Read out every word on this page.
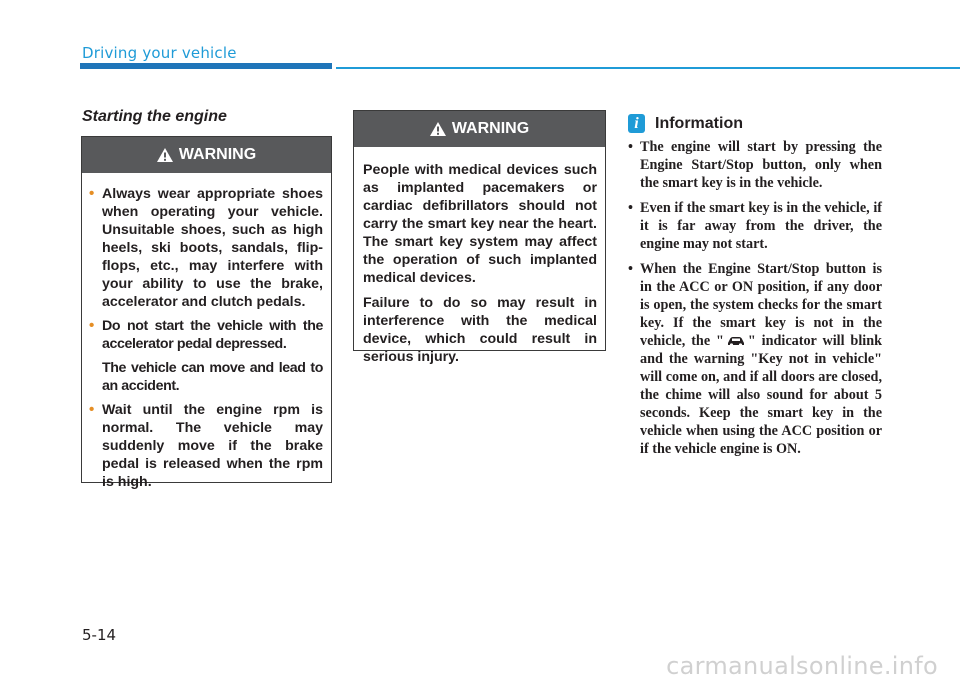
Driving your vehicle
Starting the engine
WARNING
• Always wear appropriate shoes when operating your vehicle. Unsuitable shoes, such as high heels, ski boots, sandals, flip-flops, etc., may interfere with your ability to use the brake, accelerator and clutch pedals.
• Do not start the vehicle with the accelerator pedal depressed.
The vehicle can move and lead to an accident.
• Wait until the engine rpm is normal. The vehicle may suddenly move if the brake pedal is released when the rpm is high.
WARNING

People with medical devices such as implanted pacemakers or cardiac defibrillators should not carry the smart key near the heart. The smart key system may affect the operation of such implanted medical devices.

Failure to do so may result in interference with the medical device, which could result in serious injury.

i	Information
• The engine will start by pressing the Engine Start/Stop button, only when the smart key is in the vehicle.
• Even if the smart key is in the vehicle, if it is far away from the driver, the engine may not start.
• When the Engine Start/Stop button is in the ACC or ON position, if any door is open, the system checks for the smart key. If the smart key is not in the vehicle, the " " indicator will blink and the warning "Key not in vehicle" will come on, and if all doors are closed, the chime will also sound for about 5 seconds. Keep the smart key in the vehicle when using the ACC position or if the vehicle engine is ON.
5-14
carmanualsonline.info
